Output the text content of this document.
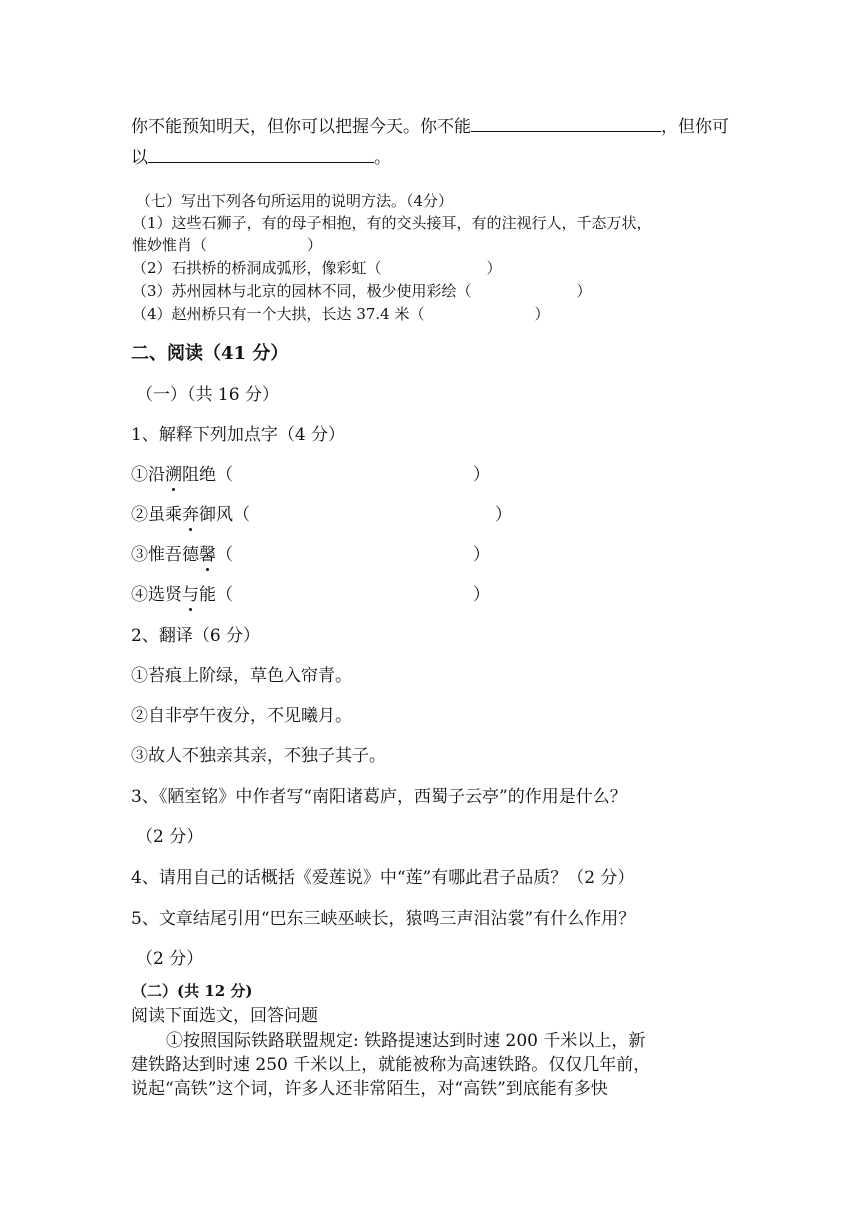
你不能预知明天，但你可以把握今天。你不能	，但你可
以	。
（七）写出下列各句所运用的说明方法。（4分）
（1）这些石狮子，有的母子相抱，有的交头接耳，有的注视行人，千态万状，
惟妙惟肖（	）
（2）石拱桥的桥洞成弧形，像彩虹（	）
（3）苏州园林与北京的园林不同，极少使用彩绘（	）
（4）赵州桥只有一个大拱，长达 37.4 米（	）
二、阅读（41 分）
（一）（共 16 分）
1、解释下列加点字（4 分）
①沿溯阻绝（	）
②虽乘奔御风（	）
③惟吾德馨（	）
④选贤与能（	）
2、翻译（6 分）
①苔痕上阶绿，草色入帘青。
②自非亭午夜分，不见曦月。
③故人不独亲其亲，不独子其子。
3、《陋室铭》中作者写“南阳诸葛庐，西蜀子云亭”的作用是什么？
（2 分）
4、请用自己的话概括《爱莲说》中“莲”有哪此君子品质？（2 分）
5、文章结尾引用“巴东三峡巫峡长，猿鸣三声泪沾裳”有什么作用？
（2 分）
（二）(共 12 分)
阅读下面选文，回答问题
①按照国际铁路联盟规定: 铁路提速达到时速 200 千米以上，新
建铁路达到时速 250 千米以上，就能被称为高速铁路。仅仅几年前，
说起“高铁”这个词，许多人还非常陌生，对“高铁”到底能有多快
